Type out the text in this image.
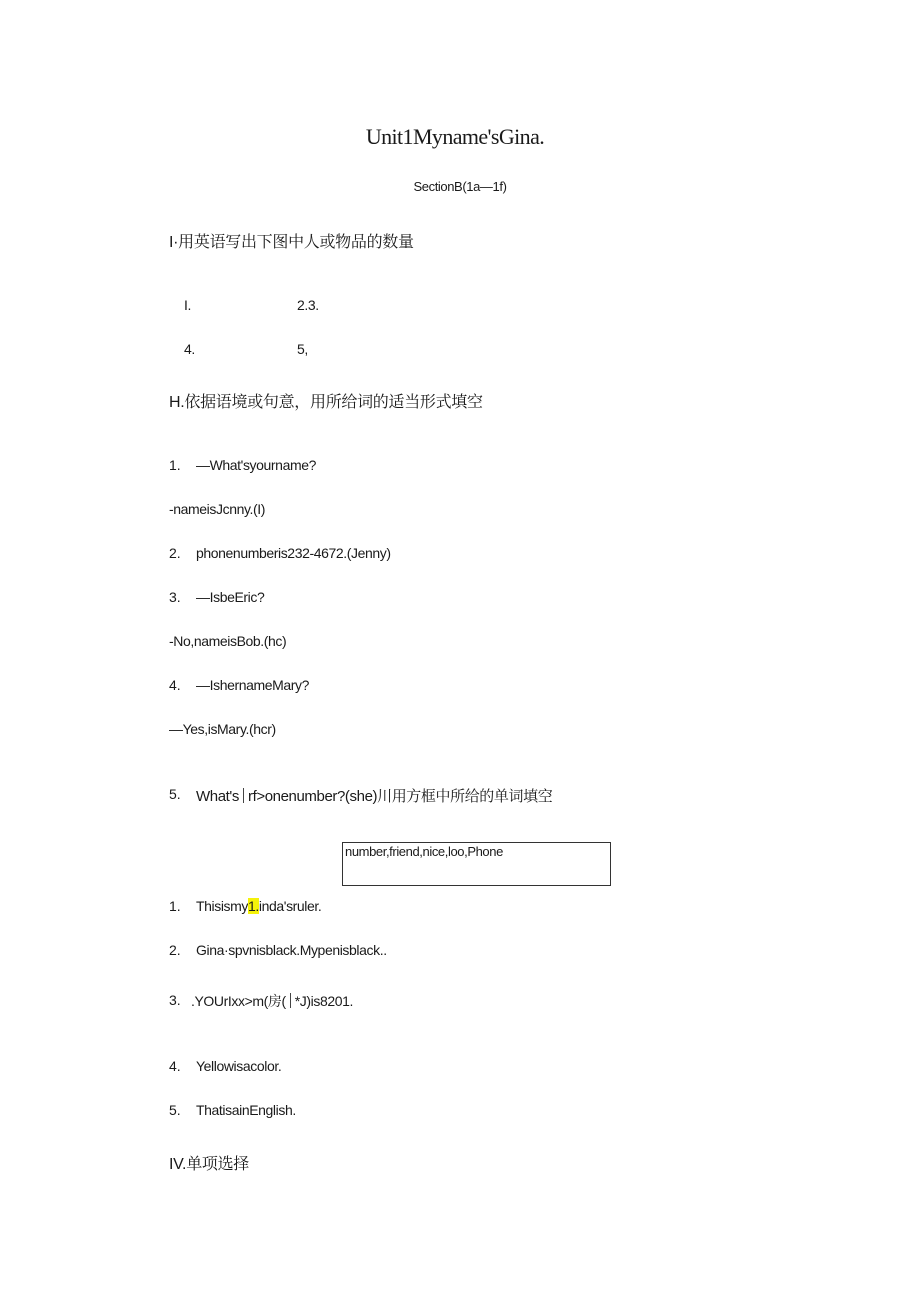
Unit1Myname'sGina.
SectionB(1a—1f)
I·用英语写出下图中人或物品的数量
I.	2.3.
4.	5,
H.依据语境或句意，用所给词的适当形式填空
1. —What'syourname?
-nameisJcnny.(I)
2. phonenumberis232-4672.(Jenny)
3. —IsbeEric?
-No,nameisBob.(hc)
4. —IshernameMary?
—Yes,isMary.(hcr)
5. What's rf>onenumber?(she)川用方框中所给的单词填空
number,friend,nice,loo,Phone
1. Thisismy1.inda'sruler.
2. Gina·spvnisblack.Mypenisblack..
3. .YOUrIxx>m(房( *J)is8201.
4. Yellowisacolor.
5. ThatisainEnglish.
IV.单项选择
